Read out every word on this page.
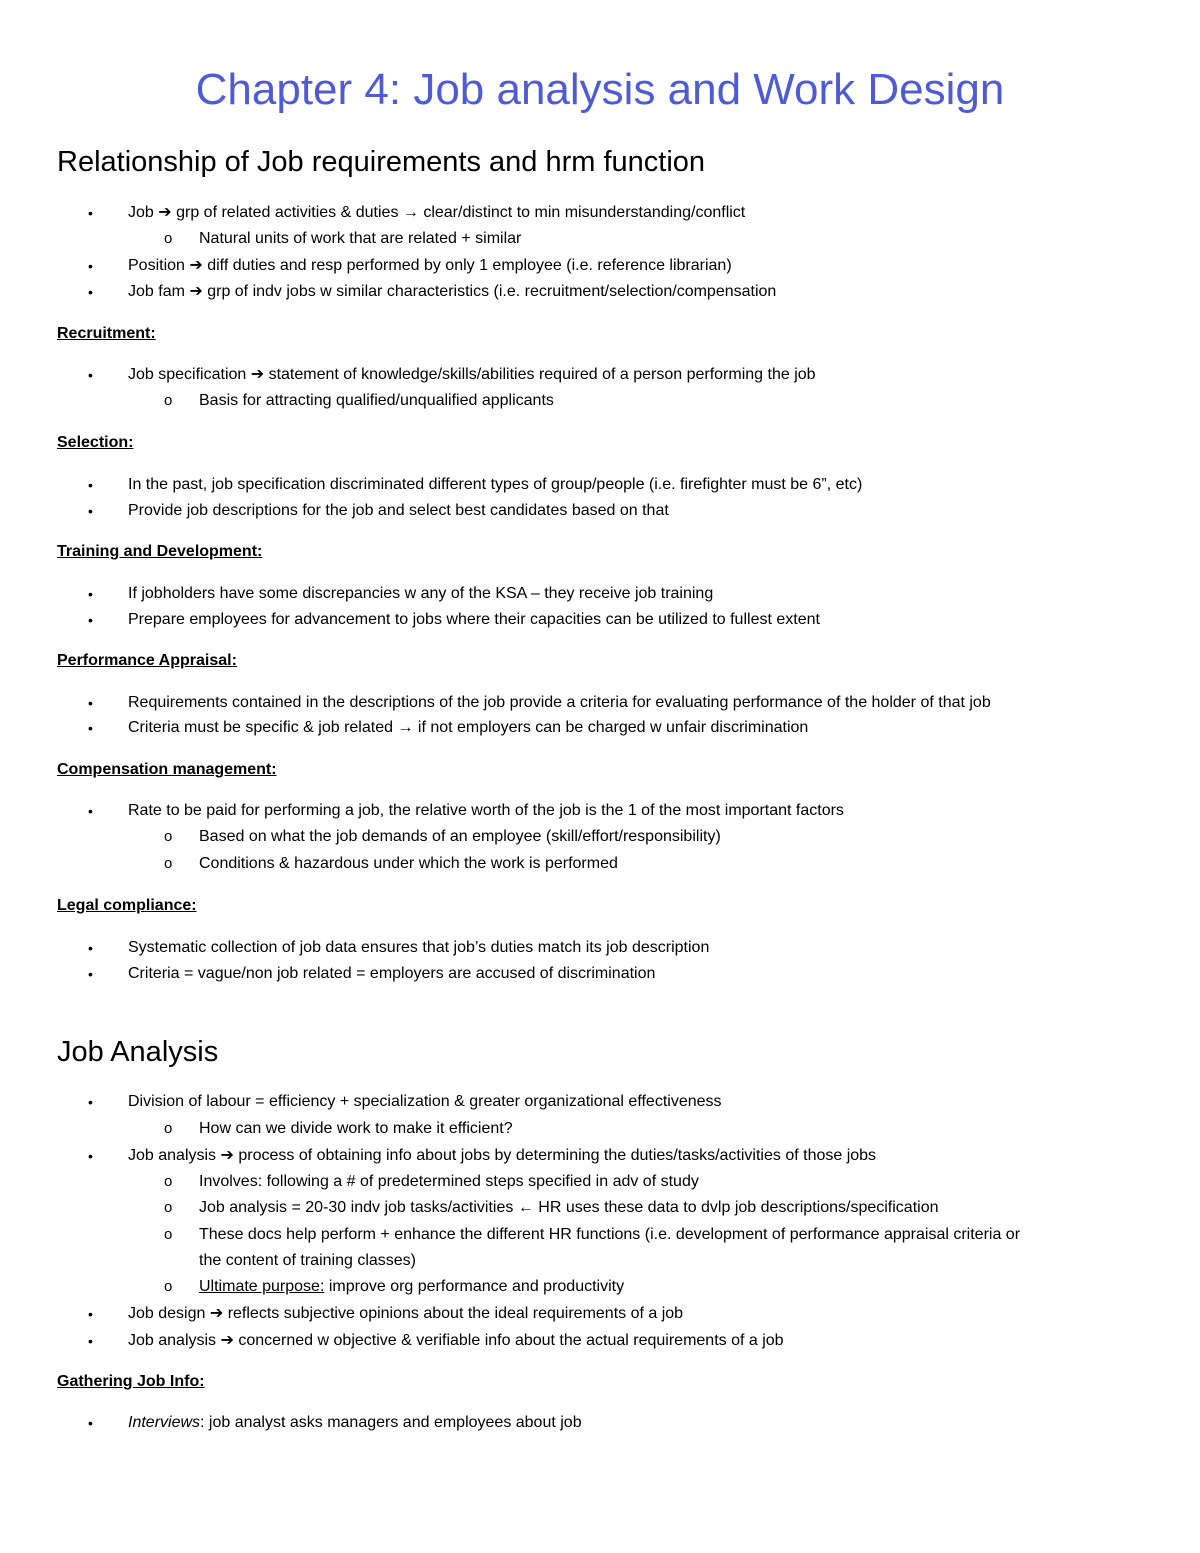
Chapter 4: Job analysis and Work Design
Relationship of Job requirements and hrm function
• Job ➔ grp of related activities & duties → clear/distinct to min misunderstanding/conflict
o Natural units of work that are related + similar
• Position ➔ diff duties and resp performed by only 1 employee (i.e. reference librarian)
• Job fam ➔ grp of indv jobs w similar characteristics (i.e. recruitment/selection/compensation
Recruitment:
• Job specification ➔ statement of knowledge/skills/abilities required of a person performing the job
o Basis for attracting qualified/unqualified applicants
Selection:
• In the past, job specification discriminated different types of group/people (i.e. firefighter must be 6”, etc)
• Provide job descriptions for the job and select best candidates based on that
Training and Development:
• If jobholders have some discrepancies w any of the KSA – they receive job training
• Prepare employees for advancement to jobs where their capacities can be utilized to fullest extent
Performance Appraisal:
• Requirements contained in the descriptions of the job provide a criteria for evaluating performance of the holder of that job
• Criteria must be specific & job related → if not employers can be charged w unfair discrimination
Compensation management:
• Rate to be paid for performing a job, the relative worth of the job is the 1 of the most important factors
o Based on what the job demands of an employee (skill/effort/responsibility)
o Conditions & hazardous under which the work is performed
Legal compliance:
• Systematic collection of job data ensures that job’s duties match its job description
• Criteria = vague/non job related = employers are accused of discrimination
Job Analysis
• Division of labour = efficiency + specialization & greater organizational effectiveness
o How can we divide work to make it efficient?
• Job analysis ➔ process of obtaining info about jobs by determining the duties/tasks/activities of those jobs
o Involves: following a # of predetermined steps specified in adv of study
o Job analysis = 20-30 indv job tasks/activities ← HR uses these data to dvlp job descriptions/specification
o These docs help perform + enhance the different HR functions (i.e. development of performance appraisal criteria or
the content of training classes)
o Ultimate purpose: improve org performance and productivity
• Job design ➔ reflects subjective opinions about the ideal requirements of a job
• Job analysis ➔ concerned w objective & verifiable info about the actual requirements of a job
Gathering Job Info:
• Interviews: job analyst asks managers and employees about job
